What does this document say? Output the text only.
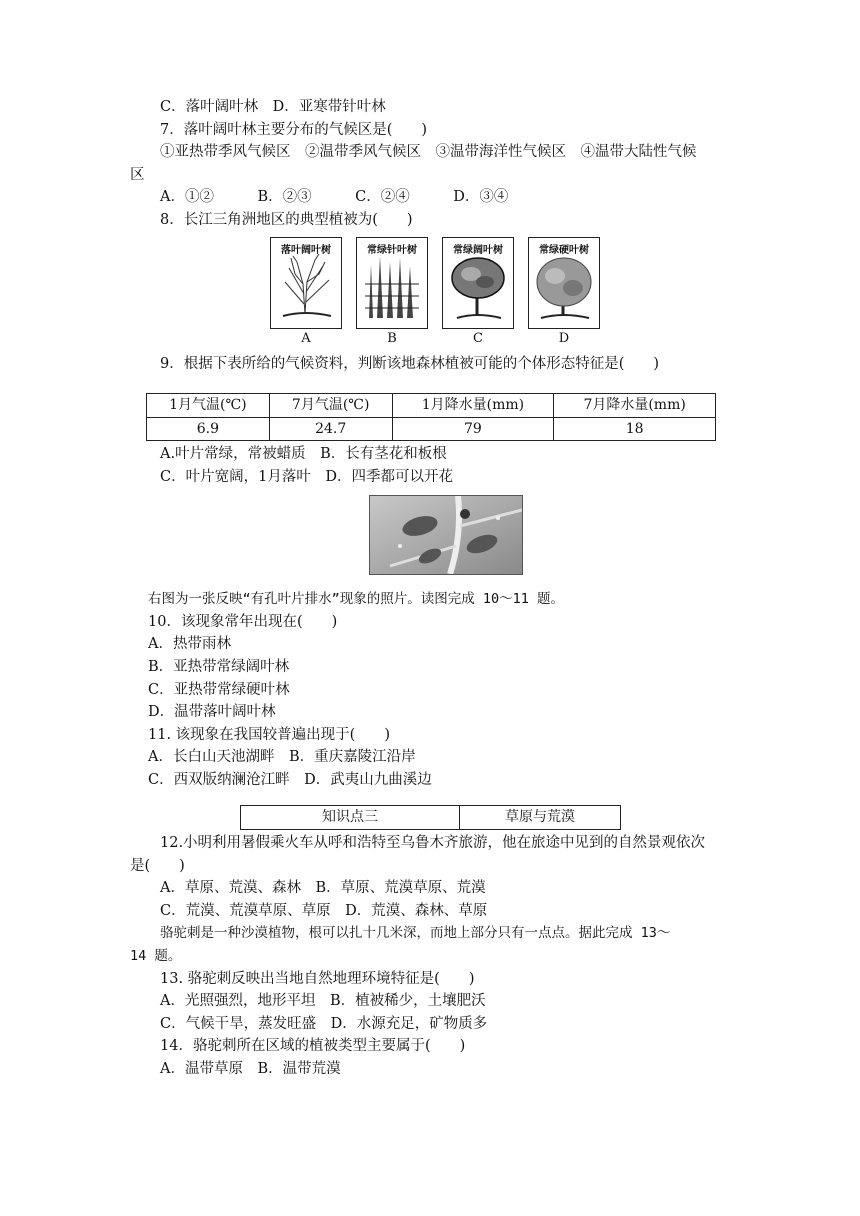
C．落叶阔叶林　D．亚寒带针叶林
7．落叶阔叶林主要分布的气候区是(　　)
①亚热带季风气候区　②温带季风气候区　③温带海洋性气候区　④温带大陆性气候
区
A．①②　　　B．②③　　　C．②④　　　D．③④
8．长江三角洲地区的典型植被为(　　)
落叶阔叶树	常绿针叶树	常绿阔叶树	常绿硬叶树
A	B	C	D
9．根据下表所给的气候资料，判断该地森林植被可能的个体形态特征是(　　)
1月气温(℃)	7月气温(℃)	1月降水量(mm)	7月降水量(mm)
6.9	24.7	79	18
A.叶片常绿，常被蜡质　B．长有茎花和板根
C．叶片宽阔，1月落叶　D．四季都可以开花
右图为一张反映“有孔叶片排水”现象的照片。读图完成 10～11 题。
10．该现象常年出现在(　　)
A．热带雨林
B．亚热带常绿阔叶林
C．亚热带常绿硬叶林
D．温带落叶阔叶林
11. 该现象在我国较普遍出现于(　　)
A．长白山天池湖畔　B．重庆嘉陵江沿岸
C．西双版纳澜沧江畔　D．武夷山九曲溪边
知识点三	草原与荒漠
12.小明利用暑假乘火车从呼和浩特至乌鲁木齐旅游，他在旅途中见到的自然景观依次
是(　　)
A．草原、荒漠、森林　B．草原、荒漠草原、荒漠
C．荒漠、荒漠草原、草原　D．荒漠、森林、草原
骆驼刺是一种沙漠植物，根可以扎十几米深，而地上部分只有一点点。据此完成 13～
14 题。
13. 骆驼刺反映出当地自然地理环境特征是(　　)
A．光照强烈，地形平坦　B．植被稀少，土壤肥沃
C．气候干旱，蒸发旺盛　D．水源充足，矿物质多
14．骆驼刺所在区域的植被类型主要属于(　　)
A．温带草原　B．温带荒漠
